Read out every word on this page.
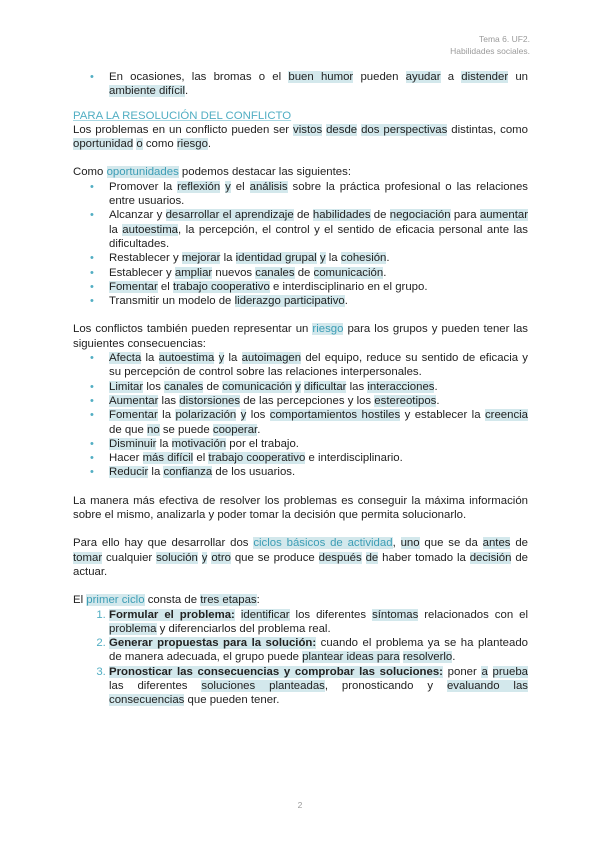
Tema 6. UF2.
Habilidades sociales.
• En ocasiones, las bromas o el buen humor pueden ayudar a distender un ambiente difícil.

PARA LA RESOLUCIÓN DEL CONFLICTO

Los problemas en un conflicto pueden ser vistos desde dos perspectivas distintas, como oportunidad o como riesgo.

Como oportunidades podemos destacar las siguientes:

• Promover la reflexión y el análisis sobre la práctica profesional o las relaciones entre usuarios.
• Alcanzar y desarrollar el aprendizaje de habilidades de negociación para aumentar la autoestima, la percepción, el control y el sentido de eficacia personal ante las dificultades.
• Restablecer y mejorar la identidad grupal y la cohesión.
• Establecer y ampliar nuevos canales de comunicación.
• Fomentar el trabajo cooperativo e interdisciplinario en el grupo.
• Transmitir un modelo de liderazgo participativo.

Los conflictos también pueden representar un riesgo para los grupos y pueden tener las siguientes consecuencias:

• Afecta la autoestima y la autoimagen del equipo, reduce su sentido de eficacia y su percepción de control sobre las relaciones interpersonales.
• Limitar los canales de comunicación y dificultar las interacciones.
• Aumentar las distorsiones de las percepciones y los estereotipos.
• Fomentar la polarización y los comportamientos hostiles y establecer la creencia de que no se puede cooperar.
• Disminuir la motivación por el trabajo.
• Hacer más difícil el trabajo cooperativo e interdisciplinario.
• Reducir la confianza de los usuarios.

La manera más efectiva de resolver los problemas es conseguir la máxima información sobre el mismo, analizarla y poder tomar la decisión que permita solucionarlo.

Para ello hay que desarrollar dos ciclos básicos de actividad, uno que se da antes de tomar cualquier solución y otro que se produce después de haber tomado la decisión de actuar.

El primer ciclo consta de tres etapas:

1. Formular el problema: identificar los diferentes síntomas relacionados con el problema y diferenciarlos del problema real.
2. Generar propuestas para la solución: cuando el problema ya se ha planteado de manera adecuada, el grupo puede plantear ideas para resolverlo.
3. Pronosticar las consecuencias y comprobar las soluciones: poner a prueba las diferentes soluciones planteadas, pronosticando y evaluando las consecuencias que pueden tener.
2
